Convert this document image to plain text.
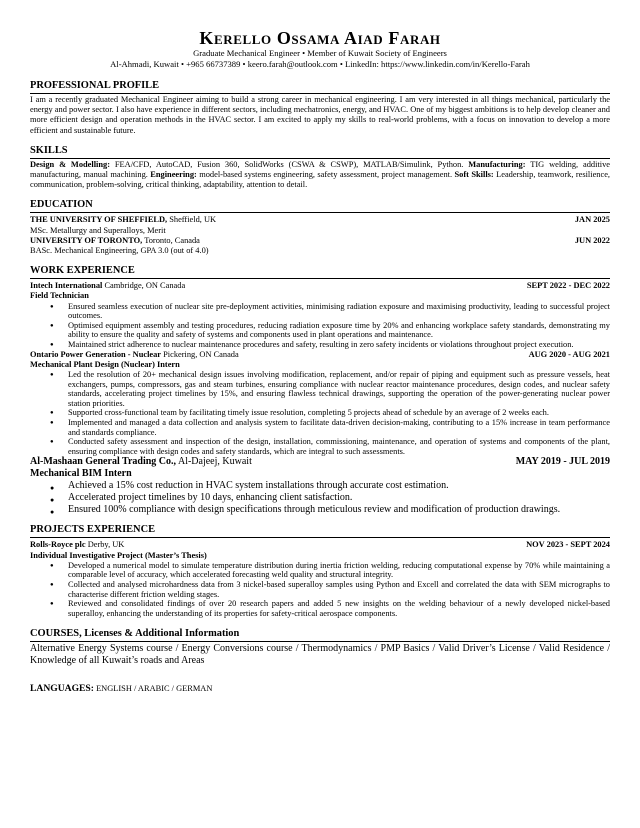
Kerello Ossama Aiad Farah
Graduate Mechanical Engineer • Member of Kuwait Society of Engineers
Al-Ahmadi, Kuwait • +965 66737389 • keero.farah@outlook.com • LinkedIn: https://www.linkedin.com/in/Kerello-Farah
PROFESSIONAL PROFILE
I am a recently graduated Mechanical Engineer aiming to build a strong career in mechanical engineering. I am very interested in all things mechanical, particularly the energy and power sector. I also have experience in different sectors, including mechatronics, energy, and HVAC. One of my biggest ambitions is to help develop cleaner and more efficient design and operation methods in the HVAC sector. I am excited to apply my skills to real-world problems, with a focus on innovation to develop a more efficient and sustainable future.
SKILLS
Design & Modelling: FEA/CFD, AutoCAD, Fusion 360, SolidWorks (CSWA & CSWP), MATLAB/Simulink, Python. Manufacturing: TIG welding, additive manufacturing, manual machining. Engineering: model-based systems engineering, safety assessment, project management. Soft Skills: Leadership, teamwork, resilience, communication, problem-solving, critical thinking, adaptability, attention to detail.
EDUCATION
THE UNIVERSITY OF SHEFFIELD, Sheffield, UK	JAN 2025
MSc. Metallurgy and Superalloys, Merit
UNIVERSITY OF TORONTO, Toronto, Canada	JUN 2022
BASc. Mechanical Engineering, GPA 3.0 (out of 4.0)
WORK EXPERIENCE
Intech International Cambridge, ON Canada	SEPT 2022 - DEC 2022
Field Technician
● Ensured seamless execution of nuclear site pre-deployment activities, minimising radiation exposure and maximising productivity, leading to successful project outcomes.
● Optimised equipment assembly and testing procedures, reducing radiation exposure time by 20% and enhancing workplace safety standards, demonstrating my ability to ensure the quality and safety of systems and components used in plant operations and maintenance.
● Maintained strict adherence to nuclear maintenance procedures and safety, resulting in zero safety incidents or violations throughout project execution.
Ontario Power Generation - Nuclear Pickering, ON Canada	AUG 2020 - AUG 2021
Mechanical Plant Design (Nuclear) Intern
● Led the resolution of 20+ mechanical design issues involving modification, replacement, and/or repair of piping and equipment such as pressure vessels, heat exchangers, pumps, compressors, gas and steam turbines, ensuring compliance with nuclear reactor maintenance procedures, design codes, and nuclear safety standards, accelerating project timelines by 15%, and ensuring flawless technical drawings, supporting the operation of the power-generating nuclear power station priorities.
● Supported cross-functional team by facilitating timely issue resolution, completing 5 projects ahead of schedule by an average of 2 weeks each.
● Implemented and managed a data collection and analysis system to facilitate data-driven decision-making, contributing to a 15% increase in team performance and standards compliance.
● Conducted safety assessment and inspection of the design, installation, commissioning, maintenance, and operation of systems and components of the plant, ensuring compliance with design codes and safety standards, which are integral to such assessments.
Al-Mashaan General Trading Co., Al-Dajeej, Kuwait	MAY 2019 - JUL 2019
Mechanical BIM Intern
● Achieved a 15% cost reduction in HVAC system installations through accurate cost estimation.
● Accelerated project timelines by 10 days, enhancing client satisfaction.
● Ensured 100% compliance with design specifications through meticulous review and modification of production drawings.
PROJECTS EXPERIENCE
Rolls-Royce plc Derby, UK	NOV 2023 - SEPT 2024
Individual Investigative Project (Master’s Thesis)
● Developed a numerical model to simulate temperature distribution during inertia friction welding, reducing computational expense by 70% while maintaining a comparable level of accuracy, which accelerated forecasting weld quality and structural integrity.
● Collected and analysed microhardness data from 3 nickel-based superalloy samples using Python and Excell and correlated the data with SEM micrographs to characterise different friction welding stages.
● Reviewed and consolidated findings of over 20 research papers and added 5 new insights on the welding behaviour of a newly developed nickel-based superalloy, enhancing the understanding of its properties for safety-critical aerospace components.
COURSES, Licenses & Additional Information
Alternative Energy Systems course / Energy Conversions course / Thermodynamics / PMP Basics / Valid Driver’s License / Valid Residence / Knowledge of all Kuwait’s roads and Areas
LANGUAGES: ENGLISH / ARABIC / GERMAN
